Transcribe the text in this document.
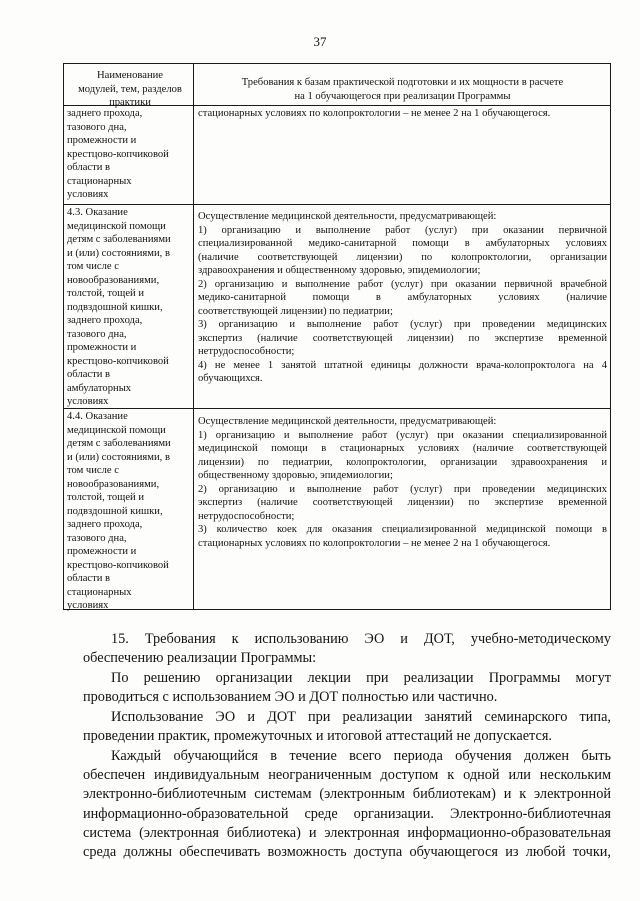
37
Наименование
модулей, тем, разделов
практики
Требования к базам практической подготовки и их мощности в расчете
на 1 обучающегося при реализации Программы
заднего прохода,
тазового дна,
промежности и
крестцово-копчиковой
области в
стационарных
условиях
стационарных условиях по колопроктологии – не менее 2 на 1 обучающегося.
4.3. Оказание
медицинской помощи
детям с заболеваниями
и (или) состояниями, в
том числе с
новообразованиями,
толстой, тощей и
подвздошной кишки,
заднего прохода,
тазового дна,
промежности и
крестцово-копчиковой
области в
амбулаторных
условиях
Осуществление медицинской деятельности, предусматривающей:
1) организацию и выполнение работ (услуг) при оказании первичной
специализированной медико-санитарной помощи в амбулаторных условиях
(наличие соответствующей лицензии) по колопроктологии, организации
здравоохранения и общественному здоровью, эпидемиологии;
2) организацию и выполнение работ (услуг) при оказании первичной врачебной
медико-санитарной помощи в амбулаторных условиях (наличие
соответствующей лицензии) по педиатрии;
3) организацию и выполнение работ (услуг) при проведении медицинских
экспертиз (наличие соответствующей лицензии) по экспертизе временной
нетрудоспособности;
4) не менее 1 занятой штатной единицы должности врача-колопроктолога на 4
обучающихся.
4.4. Оказание
медицинской помощи
детям с заболеваниями
и (или) состояниями, в
том числе с
новообразованиями,
толстой, тощей и
подвздошной кишки,
заднего прохода,
тазового дна,
промежности и
крестцово-копчиковой
области в
стационарных
условиях
Осуществление медицинской деятельности, предусматривающей:
1) организацию и выполнение работ (услуг) при оказании специализированной
медицинской помощи в стационарных условиях (наличие соответствующей
лицензии) по педиатрии, колопроктологии, организации здравоохранения и
общественному здоровью, эпидемиологии;
2) организацию и выполнение работ (услуг) при проведении медицинских
экспертиз (наличие соответствующей лицензии) по экспертизе временной
нетрудоспособности;
3) количество коек для оказания специализированной медицинской помощи в
стационарных условиях по колопроктологии – не менее 2 на 1 обучающегося.
15. Требования к использованию ЭО и ДОТ, учебно-методическому
обеспечению реализации Программы:
По решению организации лекции при реализации Программы могут
проводиться с использованием ЭО и ДОТ полностью или частично.
Использование ЭО и ДОТ при реализации занятий семинарского типа,
проведении практик, промежуточных и итоговой аттестаций не допускается.
Каждый обучающийся в течение всего периода обучения должен быть
обеспечен индивидуальным неограниченным доступом к одной или нескольким
электронно-библиотечным системам (электронным библиотекам) и к электронной
информационно-образовательной среде организации. Электронно-библиотечная
система (электронная библиотека) и электронная информационно-образовательная
среда должны обеспечивать возможность доступа обучающегося из любой точки,
